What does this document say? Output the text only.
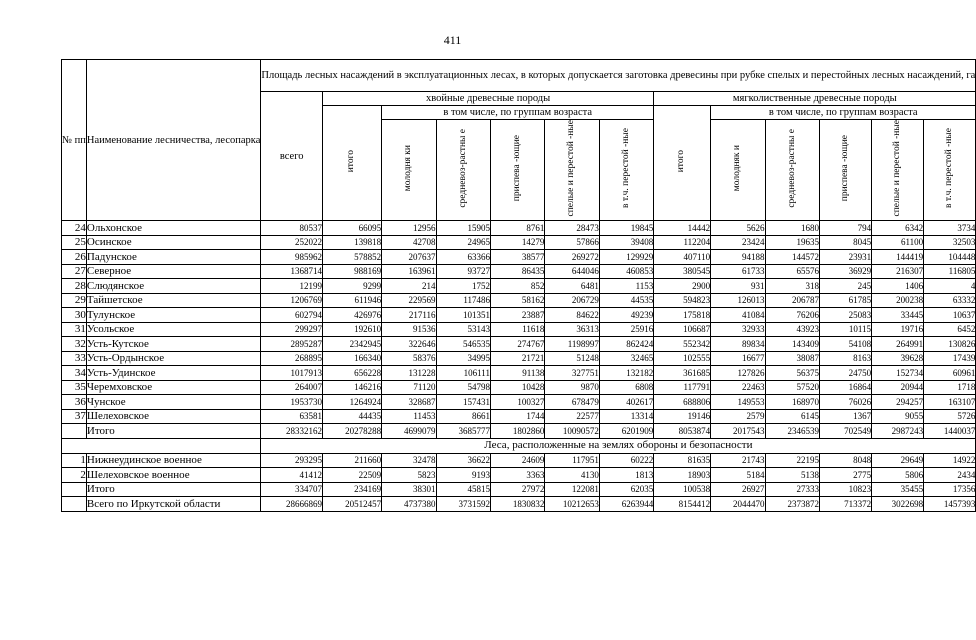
411
№ пп	Наименование лесничества, лесопарка	Площадь лесных насаждений в эксплуатационных лесах, в которых допускается заготовка древесины при рубке спелых и перестойных лесных насаждений, га												
		всего	хвойные древесные породы						мягколиственные древесные породы					
			итого	в том числе, по группам возраста					итого	в том числе, по группам возраста				
				молодня ки	средневоз-растны е	приспева -ющие	спелые и перестой -ные	в т.ч. перестой -ные		молодняк и	средневоз-растны е	приспева -ющие	спелые и перестой -ные	в т.ч. перестой -ные

24	Ольхонское	80537	66095	12956	15905	8761	28473	19845	14442	5626	1680	794	6342	3734
25	Осинское	252022	139818	42708	24965	14279	57866	39408	112204	23424	19635	8045	61100	32503
26	Падунское	985962	578852	207637	63366	38577	269272	129929	407110	94188	144572	23931	144419	104448
27	Северное	1368714	988169	163961	93727	86435	644046	460853	380545	61733	65576	36929	216307	116805
28	Слюдянское	12199	9299	214	1752	852	6481	1153	2900	931	318	245	1406	4
29	Тайшетское	1206769	611946	229569	117486	58162	206729	44535	594823	126013	206787	61785	200238	63332
30	Тулунское	602794	426976	217116	101351	23887	84622	49239	175818	41084	76206	25083	33445	10637
31	Усольское	299297	192610	91536	53143	11618	36313	25916	106687	32933	43923	10115	19716	6452
32	Усть-Кутское	2895287	2342945	322646	546535	274767	1198997	862424	552342	89834	143409	54108	264991	130826
33	Усть-Ордынское	268895	166340	58376	34995	21721	51248	32465	102555	16677	38087	8163	39628	17439
34	Усть-Удинское	1017913	656228	131228	106111	91138	327751	132182	361685	127826	56375	24750	152734	60961
35	Черемховское	264007	146216	71120	54798	10428	9870	6808	117791	22463	57520	16864	20944	1718
36	Чунское	1953730	1264924	328687	157431	100327	678479	402617	688806	149553	168970	76026	294257	163107
37	Шелеховское	63581	44435	11453	8661	1744	22577	13314	19146	2579	6145	1367	9055	5726
	Итого	28332162	20278288	4699079	3685777	1802860	10090572	6201909	8053874	2017543	2346539	702549	2987243	1440037
		Леса, расположенные на землях обороны и безопасности												
1	Нижнеудинское военное	293295	211660	32478	36622	24609	117951	60222	81635	21743	22195	8048	29649	14922
2	Шелеховское военное	41412	22509	5823	9193	3363	4130	1813	18903	5184	5138	2775	5806	2434
	Итого	334707	234169	38301	45815	27972	122081	62035	100538	26927	27333	10823	35455	17356
	Всего по Иркутской области	28666869	20512457	4737380	3731592	1830832	10212653	6263944	8154412	2044470	2373872	713372	3022698	1457393
